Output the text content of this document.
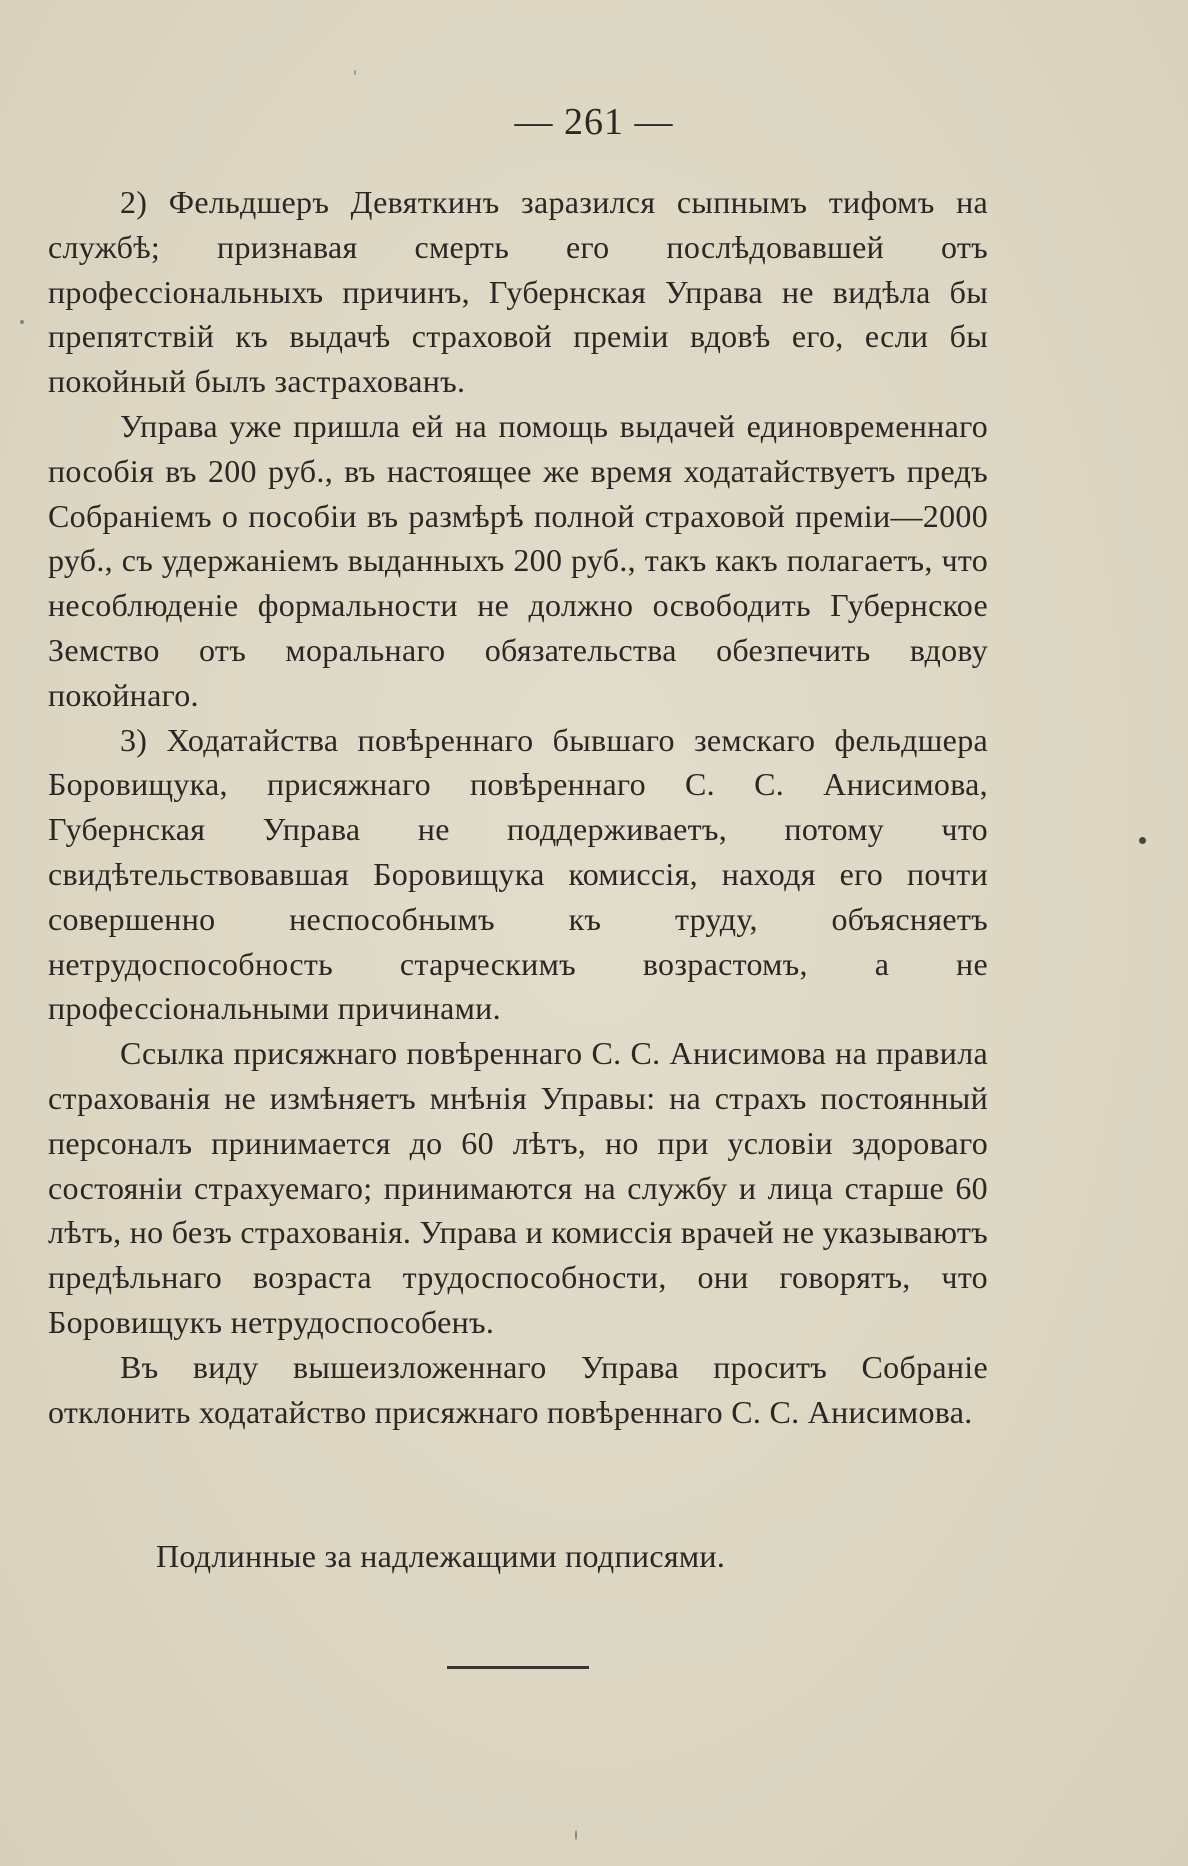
— 261 —

2) Фельдшеръ Девяткинъ заразился сыпнымъ тифомъ на службѣ; признавая смерть его послѣдовавшей отъ профессіональныхъ причинъ, Губернская Управа не видѣла бы препятствій къ выдачѣ страховой преміи вдовѣ его, если бы покойный былъ застрахованъ.

Управа уже пришла ей на помощь выдачей единовременнаго пособія въ 200 руб., въ настоящее же время ходатайствуетъ предъ Собраніемъ о пособіи въ размѣрѣ полной страховой преміи—2000 руб., съ удержаніемъ выданныхъ 200 руб., такъ какъ полагаетъ, что несоблюденіе формальности не должно освободить Губернское Земство отъ моральнаго обязательства обезпечить вдову покойнаго.

3) Ходатайства повѣреннаго бывшаго земскаго фельдшера Боровищука, присяжнаго повѣреннаго С. С. Анисимова, Губернская Управа не поддерживаетъ, потому что свидѣтельствовавшая Боровищука комиссія, находя его почти совершенно неспособнымъ къ труду, объясняетъ нетрудоспособность старческимъ возрастомъ, а не профессіональными причинами.

Ссылка присяжнаго повѣреннаго С. С. Анисимова на правила страхованія не измѣняетъ мнѣнія Управы: на страхъ постоянный персоналъ принимается до 60 лѣтъ, но при условіи здороваго состояніи страхуемаго; принимаются на службу и лица старше 60 лѣтъ, но безъ страхованія. Управа и комиссія врачей не указываютъ предѣльнаго возраста трудоспособности, они говорятъ, что Боровищукъ нетрудоспособенъ.

Въ виду вышеизложеннаго Управа проситъ Собраніе отклонить ходатайство присяжнаго повѣреннаго С. С. Анисимова.

Подлинные за надлежащими подписями.
